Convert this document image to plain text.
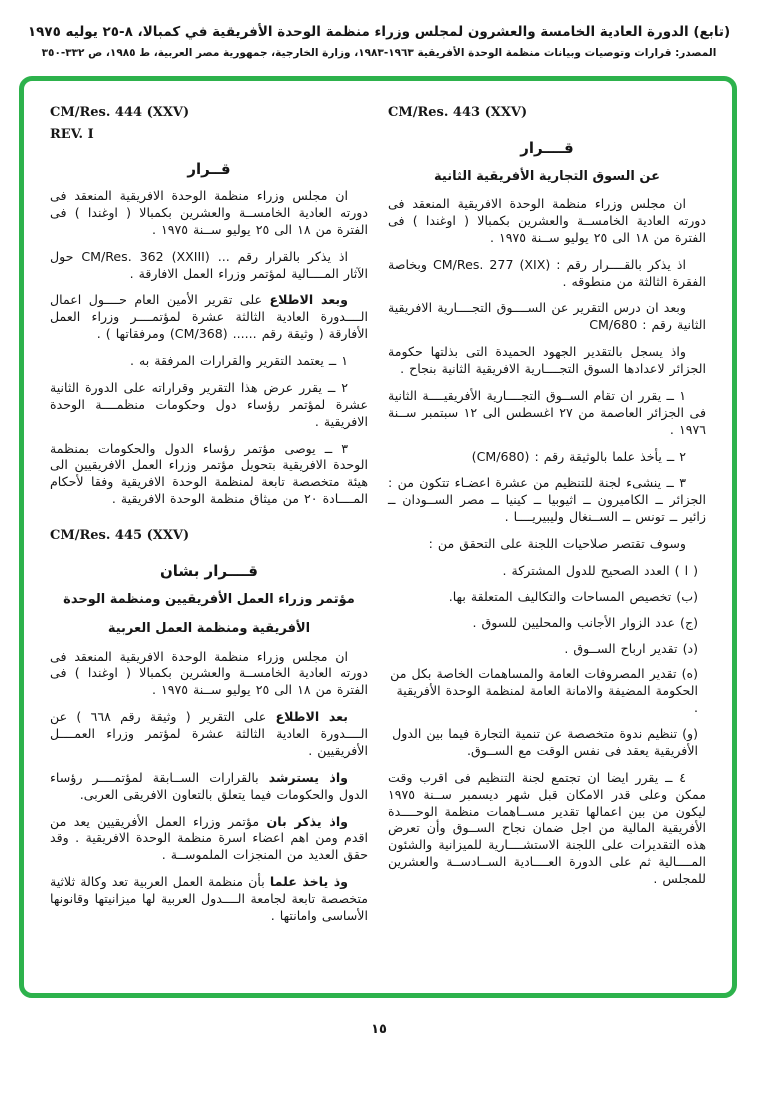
(تابع) الدورة العادية الخامسة والعشرون لمجلس وزراء منظمة الوحدة الأفريقية في كمبالا، ٨-٢٥ يوليه ١٩٧٥
المصدر: قرارات وتوصيات وبيانات منظمة الوحدة الأفريقية ١٩٦٣-١٩٨٣، وزارة الخارجية، جمهورية مصر العربية، ط ١٩٨٥، ص ٣٣٢-٣٥٠
CM/Res. 443 (XXV)
قــــرار
عن السوق التجارية الأفريقية الثانية

ان مجلس وزراء منظمة الوحدة الافريقية المنعقد فى دورته العادية الخامســة والعشرين بكمبالا ( اوغندا ) فى الفترة من ١٨ الى ٢٥ يوليو ســنة ١٩٧٥ .

اذ يذكر بالقــــرار رقم : CM/Res. 277 (XIX) وبخاصة الفقرة الثالثة من منطوقه .

وبعد ان درس التقرير عن الســــوق التجــــارية الافريقية الثانية رقم : CM/680

واذ يسجل بالتقدير الجهود الحميدة التى بذلتها حكومة الجزائر لاعدادها السوق التجــــارية الافريقية الثانية بنجاح .

١ ــ يقرر ان تقام الســوق التجــــارية الأفريقيــــة الثانية فى الجزائر العاصمة من ٢٧ اغسطس الى ١٢ سبتمبر ســنة ١٩٧٦ .

٢ ــ يأخذ علما بالوثيقة رقم : (CM/680)

٣ ــ ينشىء لجنة للتنظيم من عشرة اعضـاء تتكون من : الجزائر ــ الكاميرون ــ اثيوبيا ــ كينيا ــ مصر الســودان ــ زائير ــ تونس ــ الســنغال وليبيريــــا .

وسوف تقتصر صلاحيات اللجنة على التحقق من :

( ا ) العدد الصحيح للدول المشتركة .

(ب) تخصيص المساحات والتكاليف المتعلقة بها.

(ج) عدد الزوار الأجانب والمحليين للسوق .

(د) تقدير ارباح الســوق .

(ه) تقدير المصروفات العامة والمساهمات الخاصة بكل من الحكومة المضيفة والامانة العامة لمنظمة الوحدة الأفريقية .

(و) تنظيم ندوة متخصصة عن تنمية التجارة فيما بين الدول الأفريقية يعقد فى نفس الوقت مع الســوق.

٤ ــ يقرر ايضا ان تجتمع لجنة التنظيم فى اقرب وقت ممكن وعلى قدر الامكان قبل شهر ديسمبر ســنة ١٩٧٥ ليكون من بين اعمالها تقدير مســاهمات منظمة الوحــــدة الأفريقية المالية من اجل ضمان نجاح الســوق وأن تعرض هذه التقديرات على اللجنة الاستشــــارية للميزانية والشئون المــــالية ثم على الدورة العــــادية الســادســة والعشرين للمجلس .

CM/Res. 444 (XXV)
REV. I
قــرار

ان مجلس وزراء منظمة الوحدة الافريقية المنعقد فى دورته العادية الخامســة والعشرين بكمبالا ( اوغندا ) فى الفترة من ١٨ الى ٢٥ يوليو ســنة ١٩٧٥ .

اذ يذكر بالقرار رقم ... CM/Res. 362 (XXIII) حول الآثار المــــالية لمؤتمر وزراء العمل الافارقة .

وبعد الاطلاع على تقرير الأمين العام حــــول اعمال الــــدورة العادية الثالثة عشرة لمؤتمــــر وزراء العمل الأفارقة ( وثيقة رقم ...... (CM/368) ومرفقاتها ) .

١ ــ يعتمد التقرير والقرارات المرفقة به .

٢ ــ يقرر عرض هذا التقرير وقراراته على الدورة الثانية عشرة لمؤتمر رؤساء دول وحكومات منظمــــة الوحدة الافريقية .

٣ ــ يوصى مؤتمر رؤساء الدول والحكومات بمنظمة الوحدة الافريقية بتحويل مؤتمر وزراء العمل الافريقيين الى هيئة متخصصة تابعة لمنظمة الوحدة الافريقية وفقا لأحكام المــــادة ٢٠ من ميثاق منظمة الوحدة الافريقية .

CM/Res. 445 (XXV)
قــــرار بشان
مؤتمر وزراء العمل الأفريقيين ومنظمة الوحدة
الأفريقية ومنظمة العمل العربية

ان مجلس وزراء منظمة الوحدة الافريقية المنعقد فى دورته العادية الخامســة والعشرين بكمبالا ( اوغندا ) فى الفترة من ١٨ الى ٢٥ يوليو ســنة ١٩٧٥ .

بعد الاطلاع على التقرير ( وثيقة رقم ٦٦٨ ) عن الــــدورة العادية الثالثة عشرة لمؤتمر وزراء العمــــل الأفريقيين .

واذ يسترشد بالقرارات الســابقة لمؤتمــــر رؤساء الدول والحكومات فيما يتعلق بالتعاون الافريقى العربى.

واذ يذكر بان مؤتمر وزراء العمل الأفريقيين يعد من اقدم ومن اهم اعضاء اسرة منظمة الوحدة الافريقية . وقد حقق العديد من المنجزات الملموســة .

وذ ياخذ علما بأن منظمة العمل العربية تعد وكالة ثلاثية متخصصة تابعة لجامعة الــــدول العربية لها ميزانيتها وقانونها الأساسى وامانتها .

١٥
